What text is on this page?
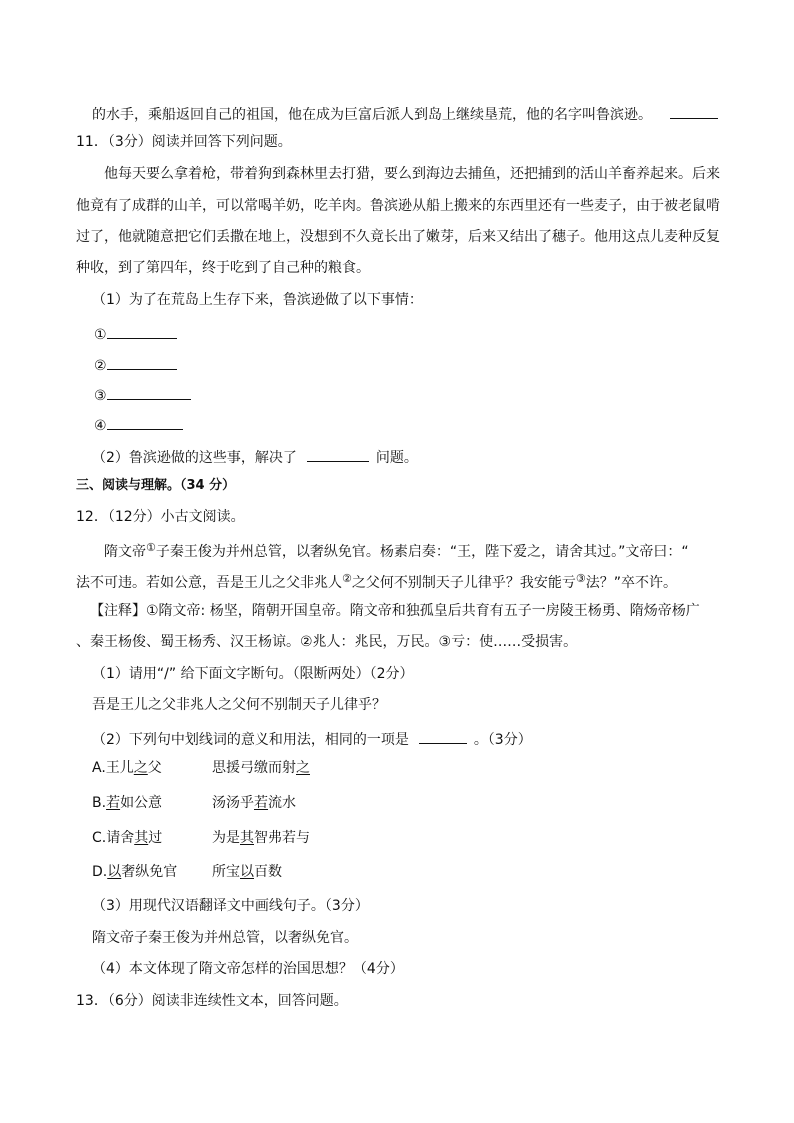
的水手，乘船返回自己的祖国，他在成为巨富后派人到岛上继续垦荒，他的名字叫鲁滨逊。
11．（3分）阅读并回答下列问题。
他每天要么拿着枪，带着狗到森林里去打猎，要么到海边去捕鱼，还把捕到的活山羊畜养起来。后来
他竟有了成群的山羊，可以常喝羊奶，吃羊肉。鲁滨逊从船上搬来的东西里还有一些麦子，由于被老鼠啃
过了，他就随意把它们丢撒在地上，没想到不久竟长出了嫩芽，后来又结出了穗子。他用这点儿麦种反复
种收，到了第四年，终于吃到了自己种的粮食。
（1）为了在荒岛上生存下来，鲁滨逊做了以下事情：
①
②
③
④
（2）鲁滨逊做的这些事，解决了	问题。
三、阅读与理解。（34 分）
12．（12分）小古文阅读。
隋文帝①子秦王俊为并州总管，以奢纵免官。杨素启奏：“王，陛下爱之，请舍其过。”文帝曰：“
法不可违。若如公意，吾是王儿之父非兆人②之父何不别制天子儿律乎？我安能亏③法？”卒不许。
【注释】①隋文帝: 杨坚，隋朝开国皇帝。隋文帝和独孤皇后共育有五子一房陵王杨勇、隋炀帝杨广
、秦王杨俊、蜀王杨秀、汉王杨谅。②兆人：兆民，万民。③亏：使……受损害。
（1）请用“/” 给下面文字断句。（限断两处）（2分）
吾是王儿之父非兆人之父何不别制天子儿律乎？
（2）下列句中划线词的意义和用法，相同的一项是	。（3分）
A.王儿之父	思援弓缴而射之
B.若如公意	汤汤乎若流水
C.请舍其过	为是其智弗若与
D.以奢纵免官 所宝以百数
（3）用现代汉语翻译文中画线句子。（3分）
隋文帝子秦王俊为并州总管，以奢纵免官。
（4）本文体现了隋文帝怎样的治国思想？（4分）
13．（6分）阅读非连续性文本，回答问题。
